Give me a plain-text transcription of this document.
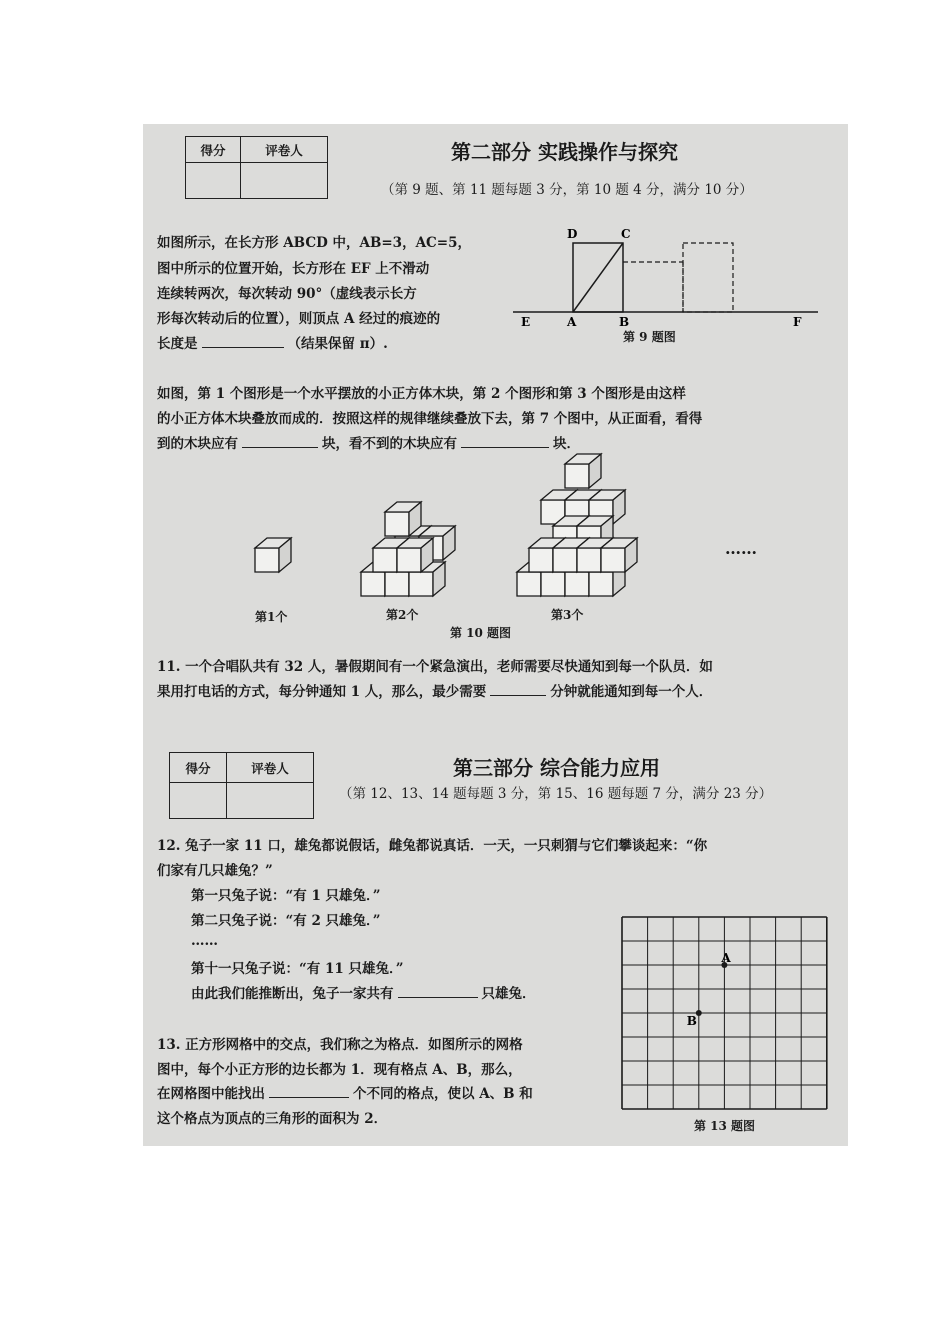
得分	评卷人
		第二部分 实践操作与探究
（第 9 题、第 11 题每题 3 分，第 10 题 4 分，满分 10 分）
如图所示，在长方形 ABCD 中，AB=3，AC=5，
图中所示的位置开始，长方形在 EF 上不滑动
连续转两次，每次转动 90°（虚线表示长方
形每次转动后的位置），则顶点 A 经过的痕迹的
长度是	（结果保留 π）.
D	C
E	A	B	F
第 9 题图
如图，第 1 个图形是一个水平摆放的小正方体木块，第 2 个图形和第 3 个图形是由这样
的小正方体木块叠放而成的．按照这样的规律继续叠放下去，第 7 个图中，从正面看，看得
到的木块应有	块，看不到的木块应有	块．
第1个	第2个	第3个
第 10 题图
……
11. 一个合唱队共有 32 人，暑假期间有一个紧急演出，老师需要尽快通知到每一个队员．如
果用打电话的方式，每分钟通知 1 人，那么，最少需要	分钟就能通知到每一个人．
得分	评卷人
		第三部分 综合能力应用
（第 12、13、14 题每题 3 分，第 15、16 题每题 7 分，满分 23 分）
12. 兔子一家 11 口，雄兔都说假话，雌兔都说真话．一天，一只刺猬与它们攀谈起来：“你
们家有几只雄兔？”
第一只兔子说：“有 1 只雄兔．”
第二只兔子说：“有 2 只雄兔．”
……
第十一只兔子说：“有 11 只雄兔．”
由此我们能推断出，兔子一家共有	只雄兔．
13. 正方形网格中的交点，我们称之为格点．如图所示的网格
图中，每个小正方形的边长都为 1．现有格点 A、B，那么，
在网格图中能找出	个不同的格点，使以 A、B 和
这个格点为顶点的三角形的面积为 2．
A
B
第 13 题图
